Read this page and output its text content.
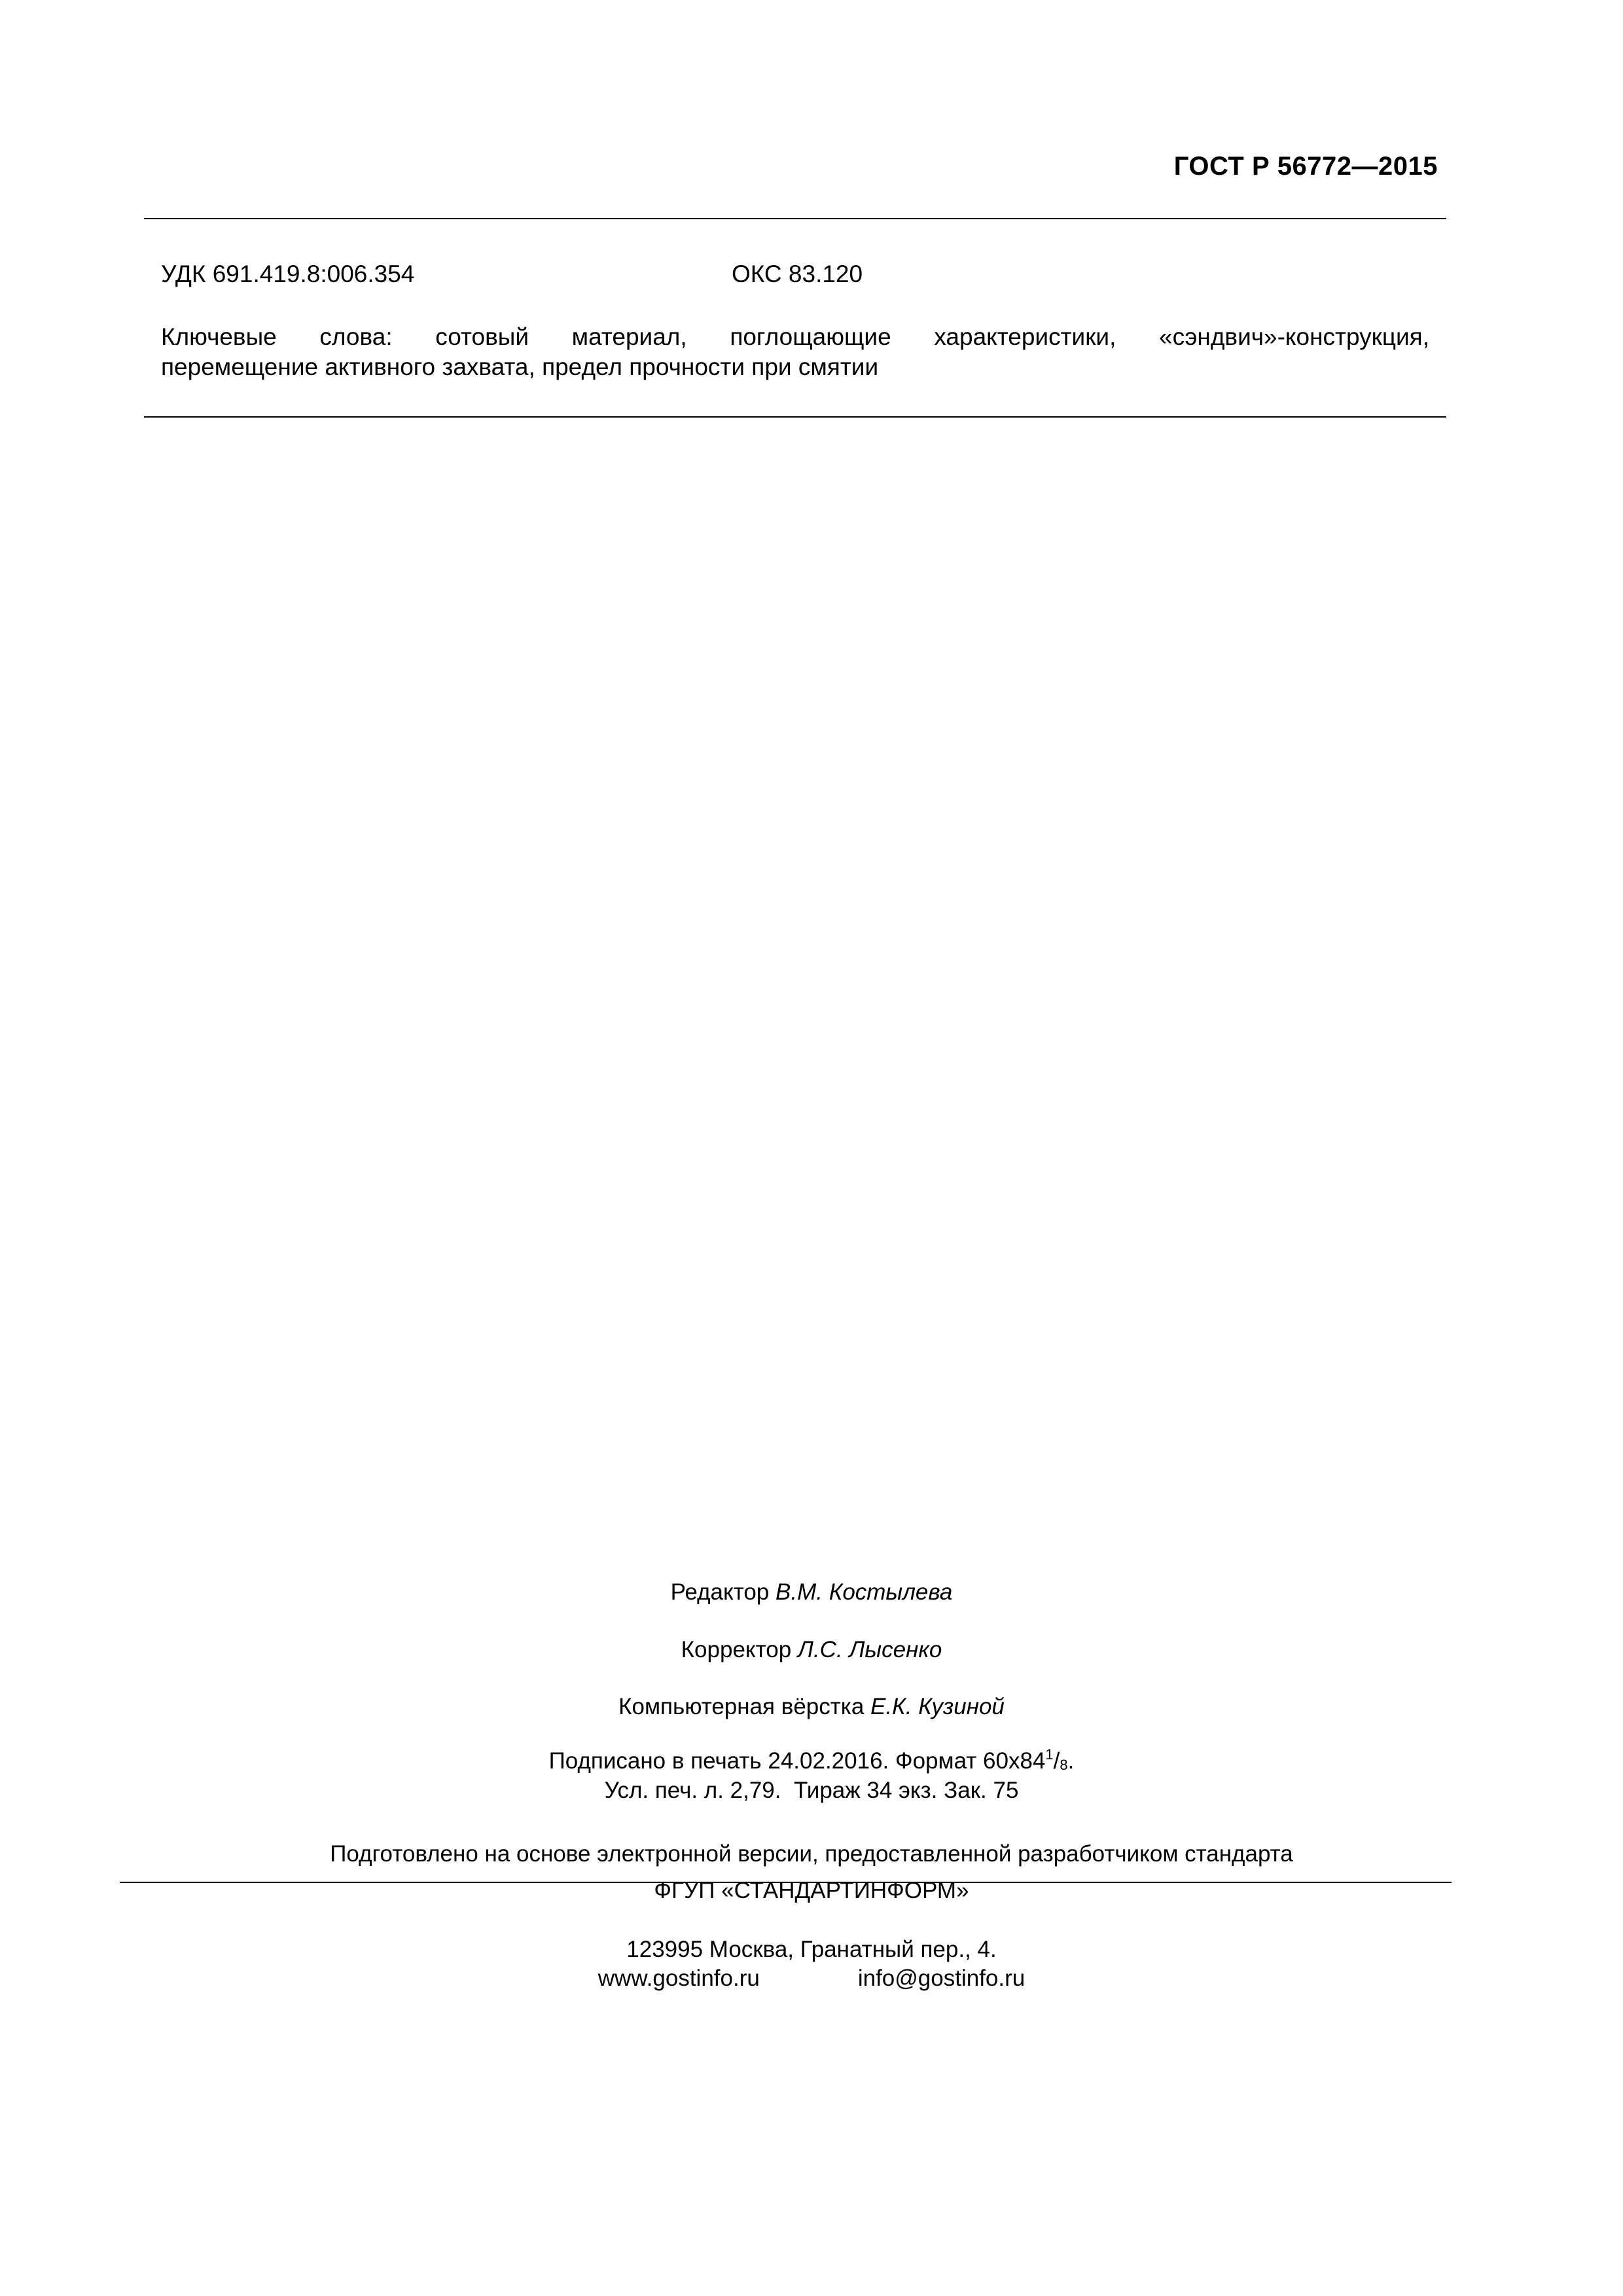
ГОСТ Р 56772—2015
УДК 691.419.8:006.354	ОКС 83.120
Ключевые слова: сотовый материал, поглощающие характеристики, «сэндвич»-конструкция,
перемещение активного захвата, предел прочности при смятии
Редактор В.М. Костылева
Корректор Л.С. Лысенко
Компьютерная вёрстка Е.К. Кузиной
Подписано в печать 24.02.2016. Формат $60x84^1/_8$.
Усл. печ. л. 2,79.  Тираж 34 экз. Зак. 75
Подготовлено на основе электронной версии, предоставленной разработчиком стандарта
ФГУП «СТАНДАРТИНФОРМ»
123995 Москва, Гранатный пер., 4.
www.gostinfo.ru	info@gostinfo.ru
